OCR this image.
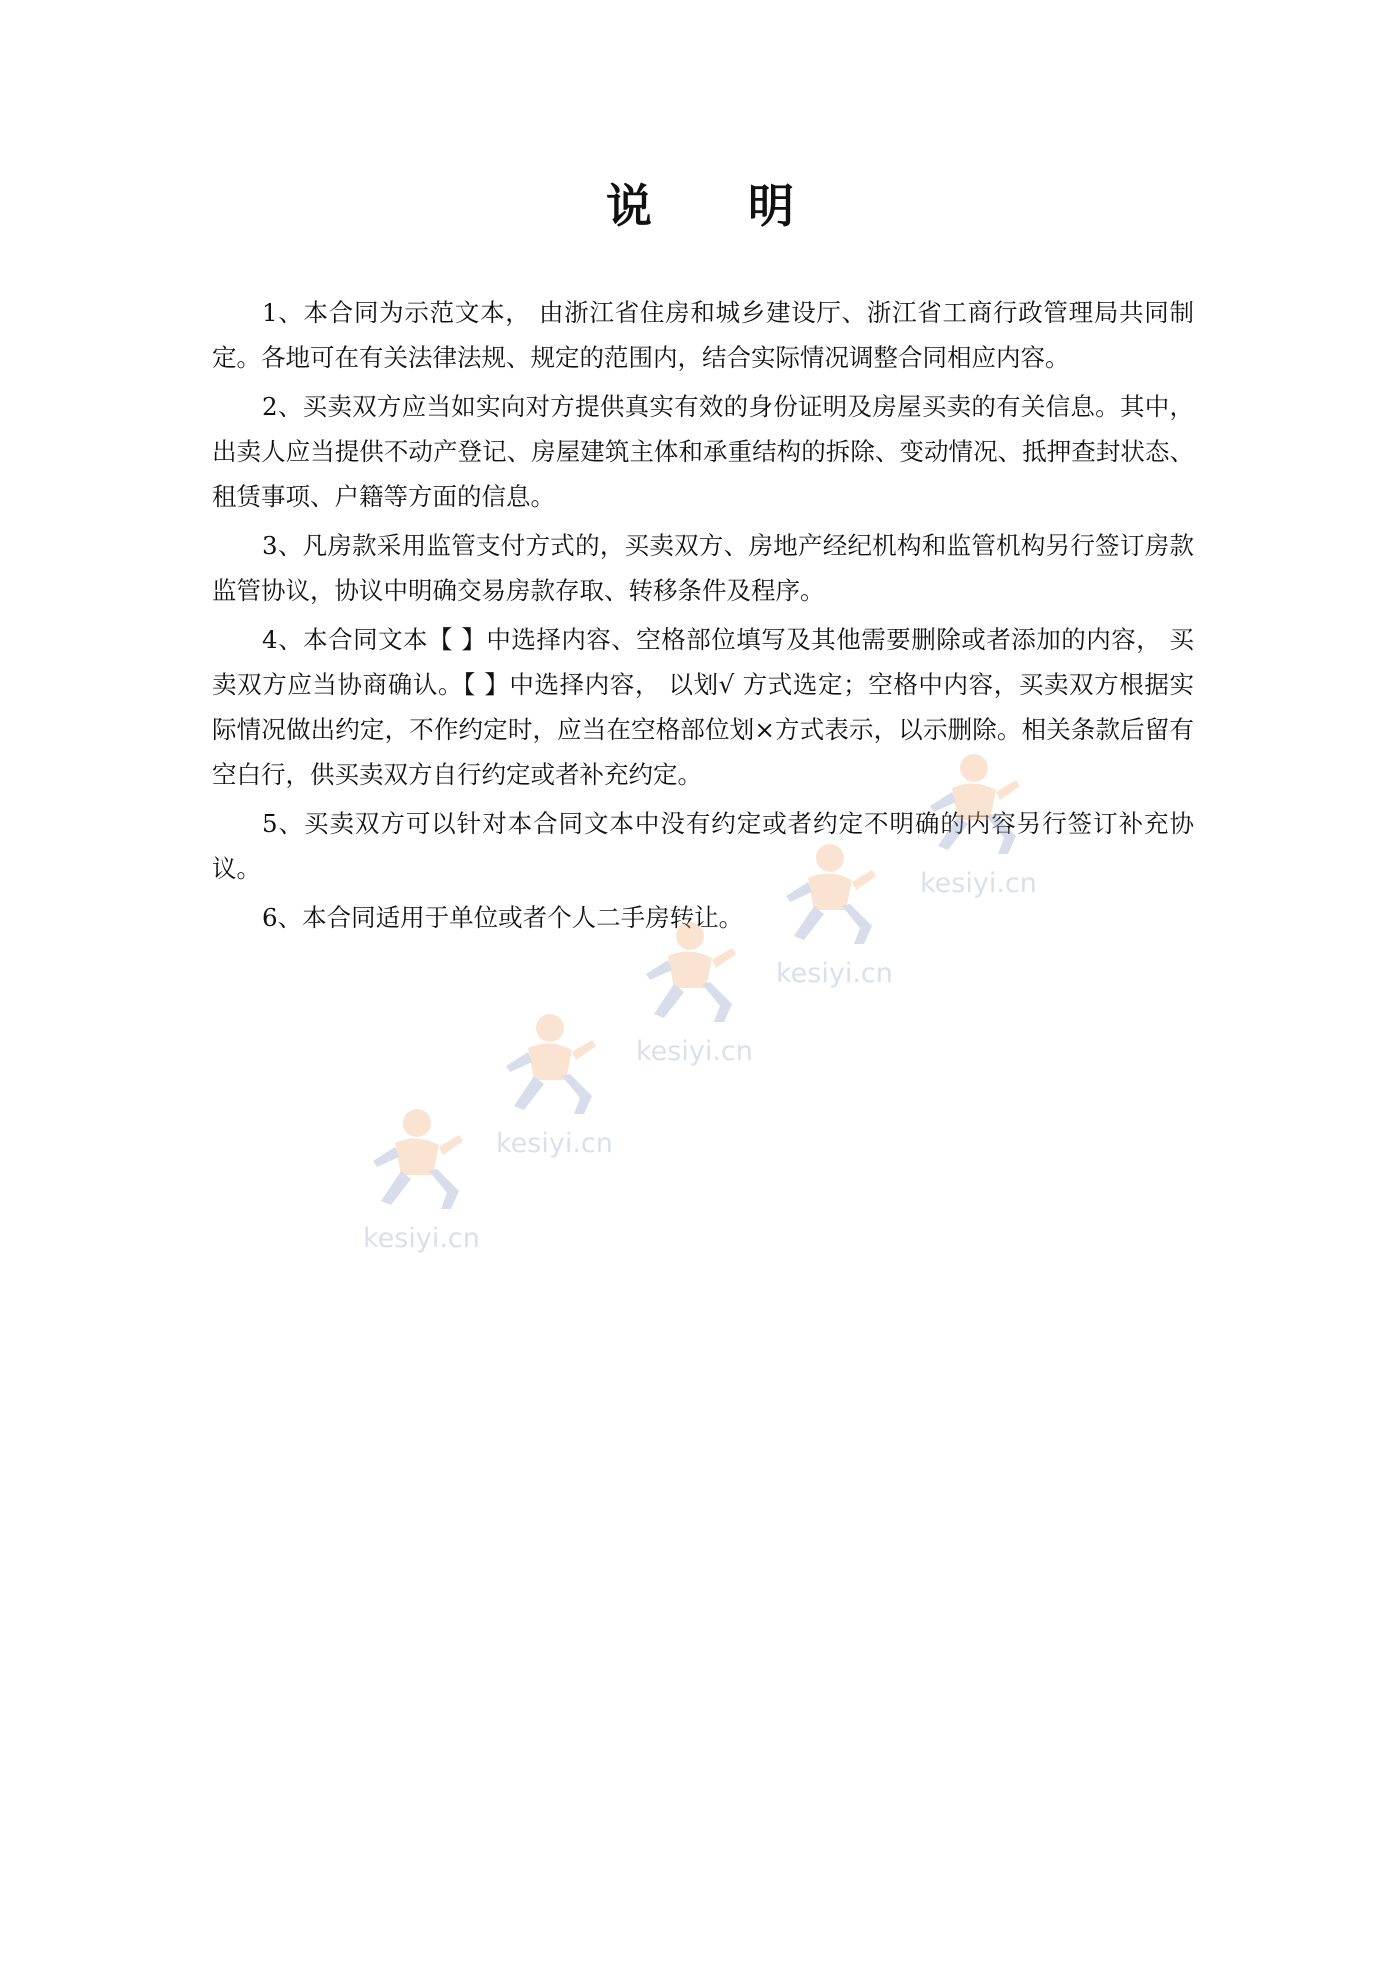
说 明

1、本合同为示范文本， 由浙江省住房和城乡建设厅、浙江省工商行政管理局共同制定。各地可在有关法律法规、规定的范围内，结合实际情况调整合同相应内容。

2、买卖双方应当如实向对方提供真实有效的身份证明及房屋买卖的有关信息。其中，出卖人应当提供不动产登记、房屋建筑主体和承重结构的拆除、变动情况、抵押查封状态、租赁事项、户籍等方面的信息。

3、凡房款采用监管支付方式的，买卖双方、房地产经纪机构和监管机构另行签订房款监管协议，协议中明确交易房款存取、转移条件及程序。

4、本合同文本【 】中选择内容、空格部位填写及其他需要删除或者添加的内容， 买卖双方应当协商确认。【 】中选择内容， 以划√ 方式选定；空格中内容，买卖双方根据实际情况做出约定，不作约定时，应当在空格部位划×方式表示，以示删除。相关条款后留有空白行，供买卖双方自行约定或者补充约定。

5、买卖双方可以针对本合同文本中没有约定或者约定不明确的内容另行签订补充协议。

6、本合同适用于单位或者个人二手房转让。

kesiyi.cn
kesiyi.cn
kesiyi.cn
kesiyi.cn
kesiyi.cn
